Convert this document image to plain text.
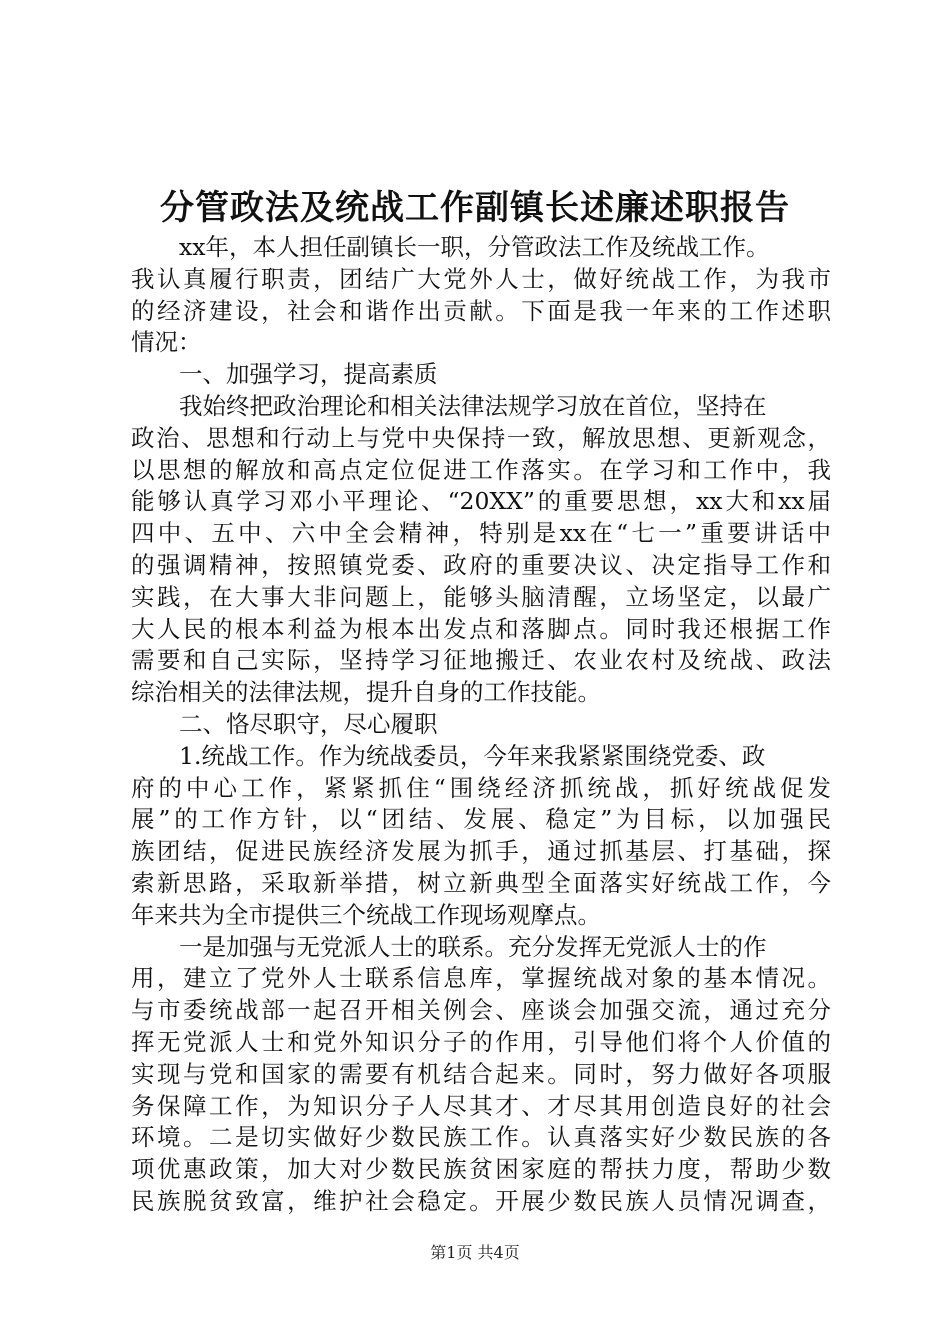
分管政法及统战工作副镇长述廉述职报告
xx年，本人担任副镇长一职，分管政法工作及统战工作。
我认真履行职责，团结广大党外人士，做好统战工作，为我市
的经济建设，社会和谐作出贡献。下面是我一年来的工作述职
情况：
一、加强学习，提高素质
我始终把政治理论和相关法律法规学习放在首位，坚持在
政治、思想和行动上与党中央保持一致，解放思想、更新观念，
以思想的解放和高点定位促进工作落实。在学习和工作中，我
能够认真学习邓小平理论、“20XX”的重要思想，xx大和xx届
四中、五中、六中全会精神，特别是xx在“七一”重要讲话中
的强调精神，按照镇党委、政府的重要决议、决定指导工作和
实践，在大事大非问题上，能够头脑清醒，立场坚定，以最广
大人民的根本利益为根本出发点和落脚点。同时我还根据工作
需要和自己实际，坚持学习征地搬迁、农业农村及统战、政法
综治相关的法律法规，提升自身的工作技能。
二、恪尽职守，尽心履职
1.统战工作。作为统战委员，今年来我紧紧围绕党委、政
府的中心工作，紧紧抓住“围绕经济抓统战，抓好统战促发
展”的工作方针，以“团结、发展、稳定”为目标，以加强民
族团结，促进民族经济发展为抓手，通过抓基层、打基础，探
索新思路，采取新举措，树立新典型全面落实好统战工作，今
年来共为全市提供三个统战工作现场观摩点。
一是加强与无党派人士的联系。充分发挥无党派人士的作
用，建立了党外人士联系信息库，掌握统战对象的基本情况。
与市委统战部一起召开相关例会、座谈会加强交流，通过充分
挥无党派人士和党外知识分子的作用，引导他们将个人价值的
实现与党和国家的需要有机结合起来。同时，努力做好各项服
务保障工作，为知识分子人尽其才、才尽其用创造良好的社会
环境。二是切实做好少数民族工作。认真落实好少数民族的各
项优惠政策，加大对少数民族贫困家庭的帮扶力度，帮助少数
民族脱贫致富，维护社会稳定。开展少数民族人员情况调查，
第1页 共4页
